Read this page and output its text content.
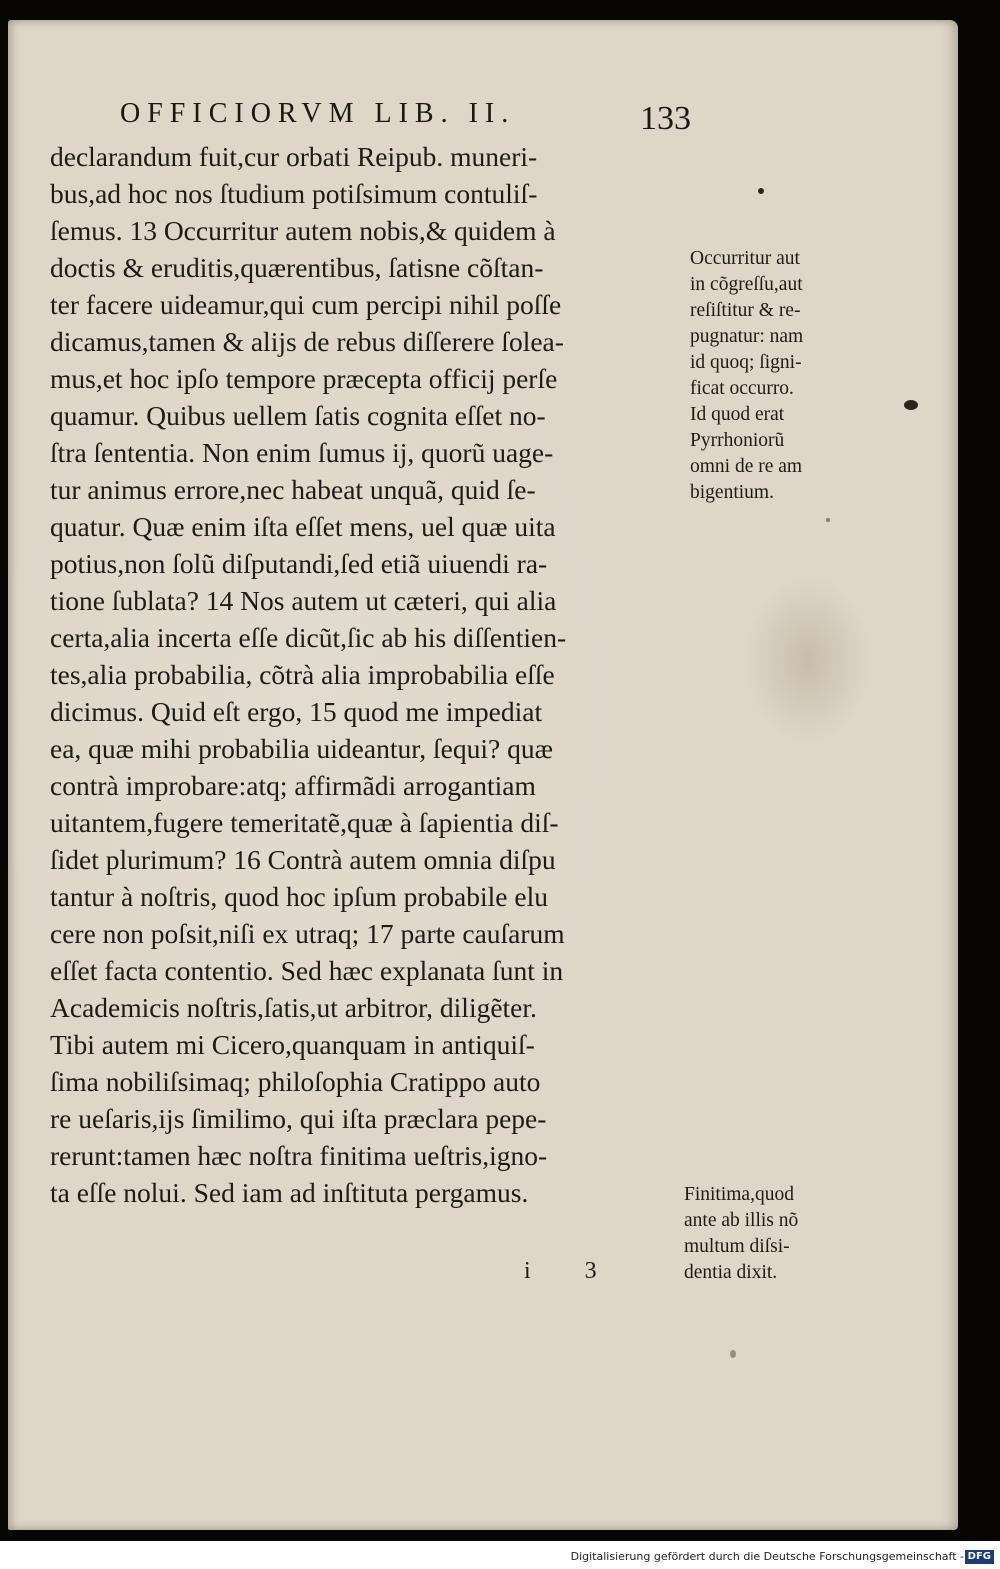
OFFICIORVM LIB. II.	133
declarandum fuit,cur orbati Reipub. muneri-
bus,ad hoc nos ſtudium potiſsimum contuliſ-
ſemus. 13 Occurritur autem nobis,& quidem à
doctis & eruditis,quærentibus, ſatisne cõſtan-
ter facere uideamur,qui cum percipi nihil poſſe
dicamus,tamen & alijs de rebus diſſerere ſolea-
mus,et hoc ipſo tempore præcepta officij perſe
quamur. Quibus uellem ſatis cognita eſſet no-
ſtra ſententia. Non enim ſumus ij, quorũ uage-
tur animus errore,nec habeat unquã, quid ſe-
quatur. Quæ enim iſta eſſet mens, uel quæ uita
potius,non ſolũ diſputandi,ſed etiã uiuendi ra-
tione ſublata? 14 Nos autem ut cæteri, qui alia
certa,alia incerta eſſe dicũt,ſic ab his diſſentien-
tes,alia probabilia, cõtrà alia improbabilia eſſe
dicimus. Quid eſt ergo, 15 quod me impediat
ea, quæ mihi probabilia uideantur, ſequi? quæ
contrà improbare:atq; affirmãdi arrogantiam
uitantem,fugere temeritatẽ,quæ à ſapientia diſ-
ſidet plurimum? 16 Contrà autem omnia diſpu
tantur à noſtris, quod hoc ipſum probabile elu
cere non poſsit,niſi ex utraq; 17 parte cauſarum
eſſet facta contentio. Sed hæc explanata ſunt in
Academicis noſtris,ſatis,ut arbitror, diligẽter.
Tibi autem mi Cicero,quanquam in antiquiſ-
ſima nobiliſsimaq; philoſophia Cratippo auto
re ueſaris,ijs ſimilimo, qui iſta præclara pepe-
rerunt:tamen hæc noſtra finitima ueſtris,igno-
ta eſſe nolui. Sed iam ad inſtituta pergamus.
Occurritur aut
in cõgreſſu,aut
reſiſtitur & re-
pugnatur: nam
id quoq; ſigni-
ficat occurro.
Id quod erat
Pyrrhoniorũ
omni de re am
bigentium.
Finitima,quod
ante ab illis nõ
multum diſsi-
dentia dixit.
i 3
Digitalisierung gefördert durch die Deutsche Forschungsgemeinschaft - DFG
